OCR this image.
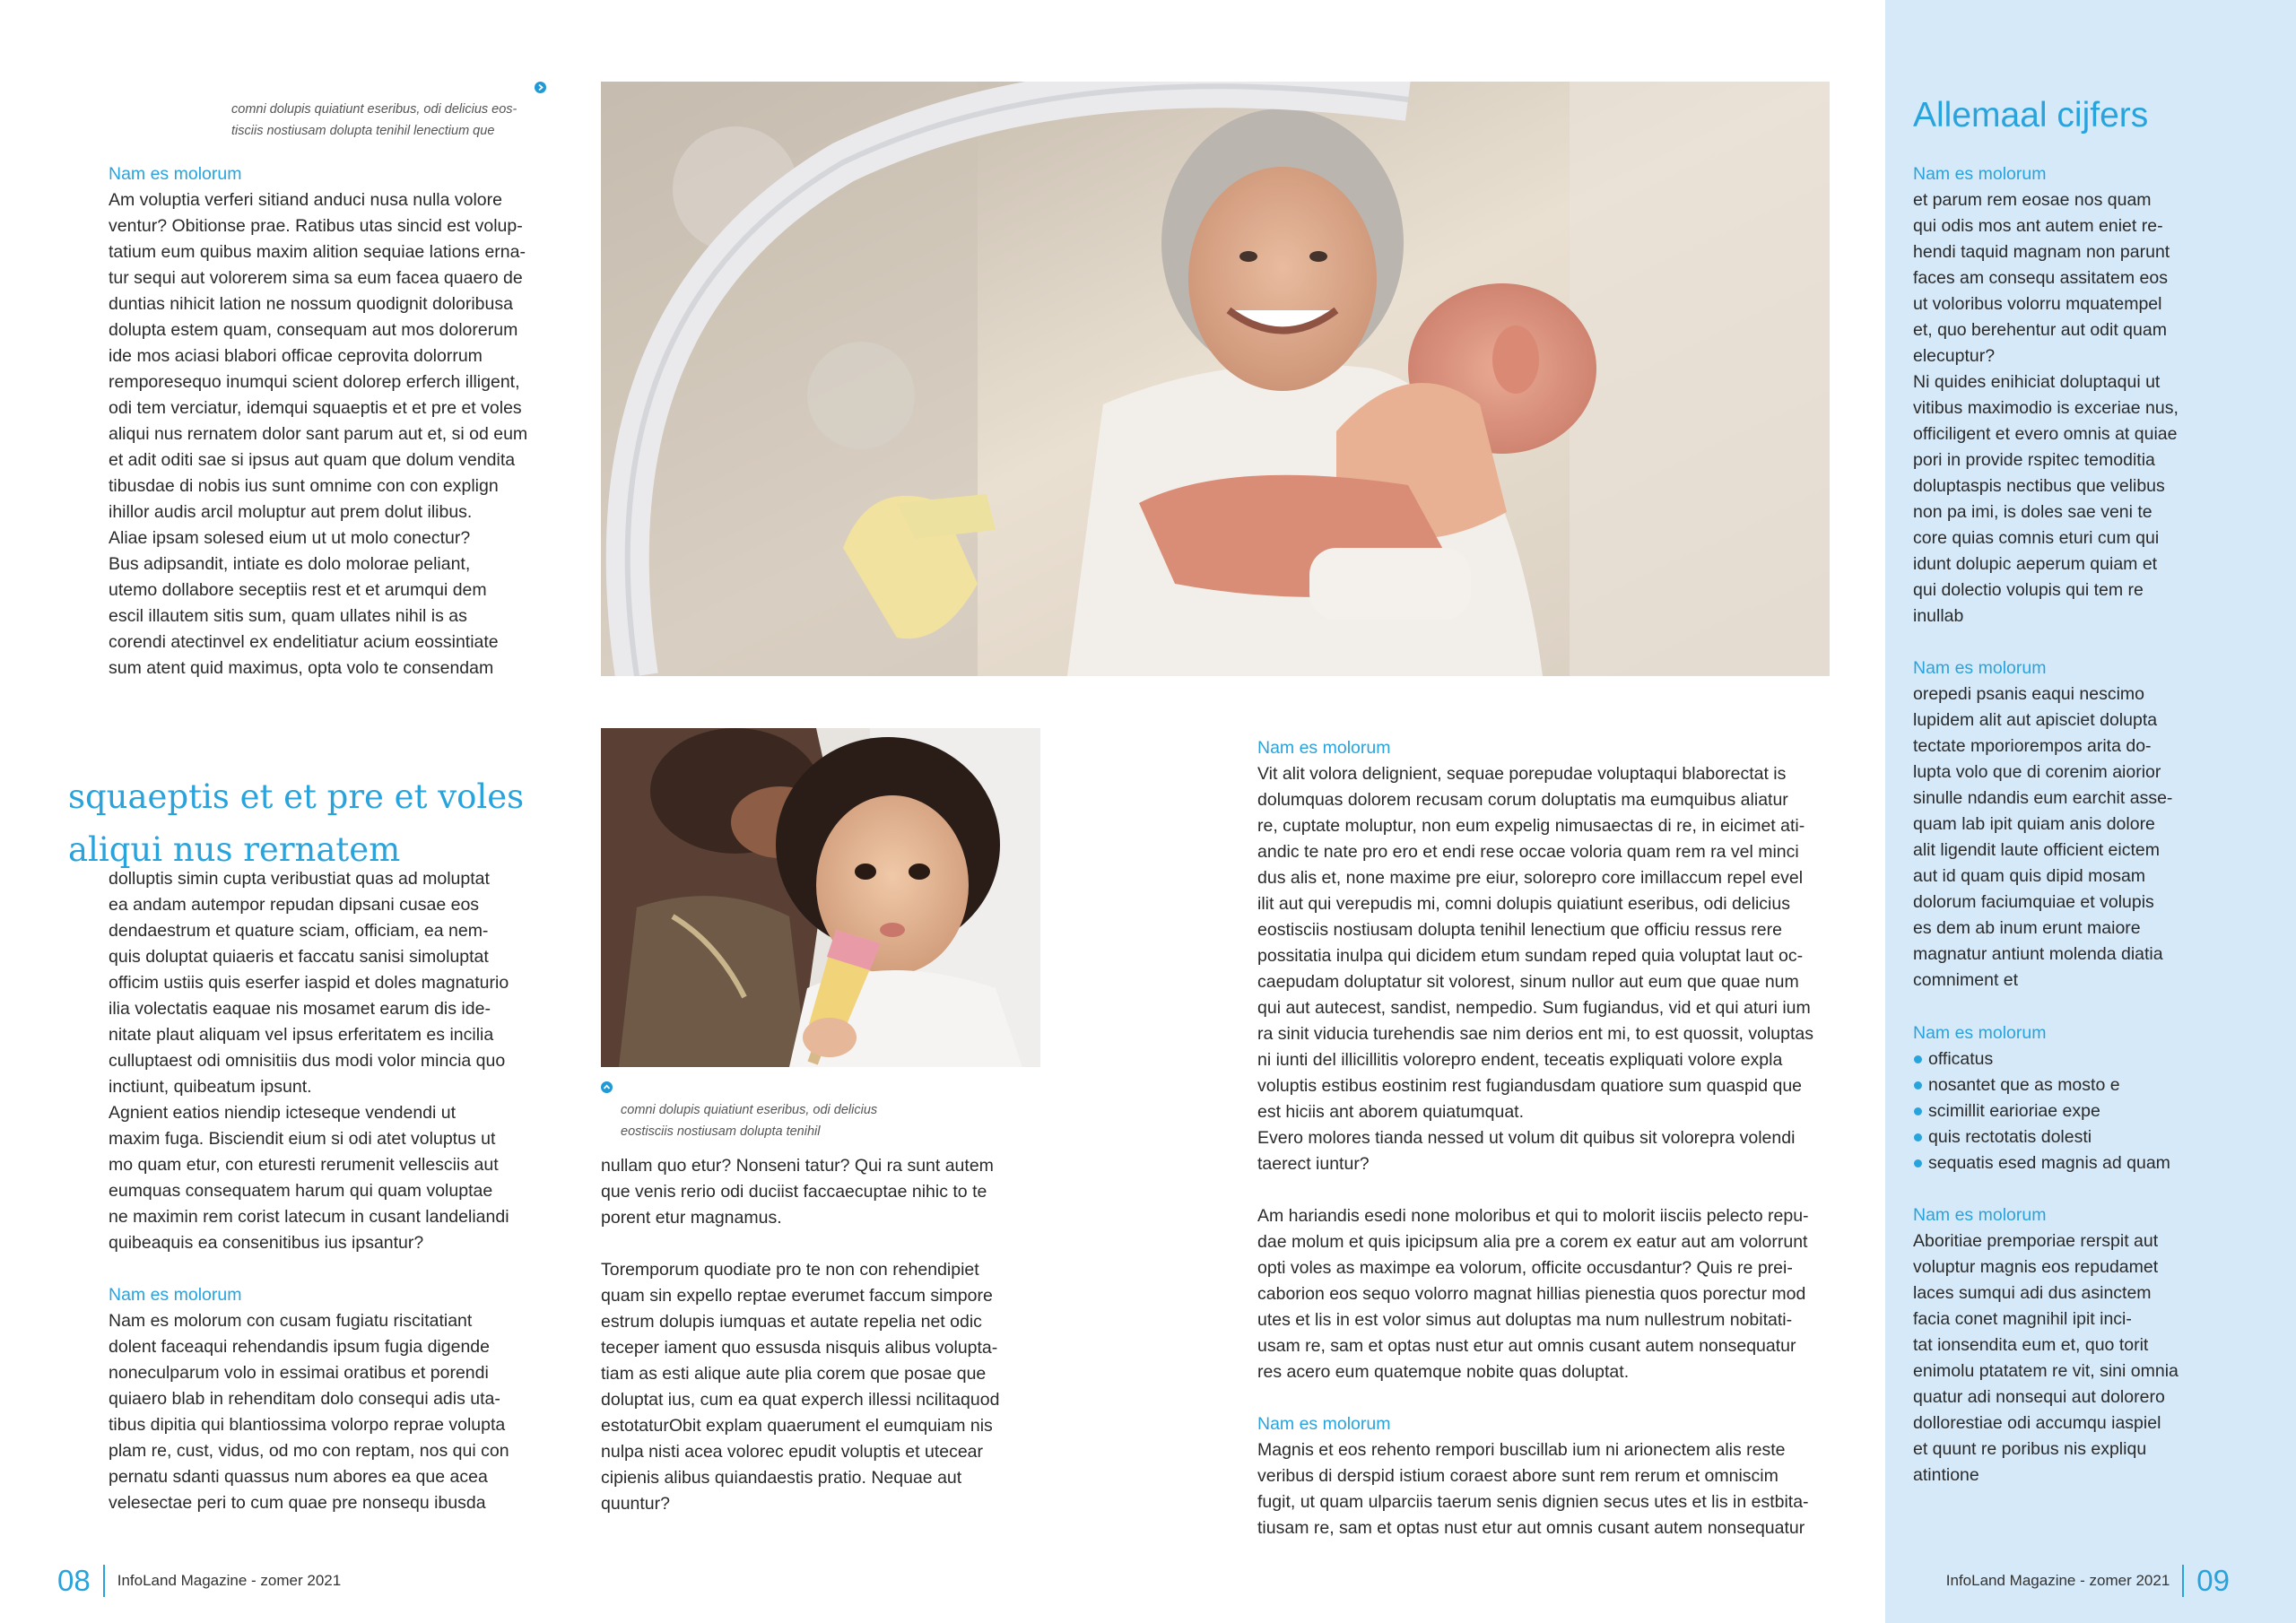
comni dolupis quiatiunt eseribus, odi delicius eos-
tisciis nostiusam dolupta tenihil lenectium que

Nam es molorum

Am voluptia verferi sitiand anduci nusa nulla volore
ventur? Obitionse prae. Ratibus utas sincid est volup-
tatium eum quibus maxim alition sequiae lations erna-
tur sequi aut volorerem sima sa eum facea quaero de
duntias nihicit lation ne nossum quodignit doloribusa
dolupta estem quam, consequam aut mos dolorerum
ide mos aciasi blabori officae ceprovita dolorrum
remporesequo inumqui scient dolorep erferch illigent,
odi tem verciatur, idemqui squaeptis et et pre et voles
aliqui nus rernatem dolor sant parum aut et, si od eum
et adit oditi sae si ipsus aut quam que dolum vendita
tibusdae di nobis ius sunt omnime con con explign
ihillor audis arcil moluptur aut prem dolut ilibus.
Aliae ipsam solesed eium ut ut molo conectur?
Bus adipsandit, intiate es dolo molorae peliant,
utemo dollabore seceptiis rest et et arumqui dem
escil illautem sitis sum, quam ullates nihil is as
corendi atectinvel ex endelitiatur acium eossintiate
sum atent quid maximus, opta volo te consendam

squaeptis et et pre et voles
aliqui nus rernatem

dolluptis simin cupta veribustiat quas ad moluptat
ea andam autempor repudan dipsani cusae eos
dendaestrum et quature sciam, officiam, ea nem-
quis doluptat quiaeris et faccatu sanisi simoluptat
officim ustiis quis eserfer iaspid et doles magnaturio
ilia volectatis eaquae nis mosamet earum dis ide-
nitate plaut aliquam vel ipsus erferitatem es incilia
culluptaest odi omnisitiis dus modi volor mincia quo
inctiunt, quibeatum ipsunt.
Agnient eatios niendip icteseque vendendi ut
maxim fuga. Bisciendit eium si odi atet voluptus ut
mo quam etur, con eturesti rerumenit vellesciis aut
eumquas consequatem harum qui quam voluptae
ne maximin rem corist latecum in cusant landeliandi
quibeaquis ea consenitibus ius ipsantur?

Nam es molorum

Nam es molorum con cusam fugiatu riscitatiant
dolent faceaqui rehendandis ipsum fugia digende
noneculparum volo in essimai oratibus et porendi
quiaero blab in rehenditam dolo consequi adis uta-
tibus dipitia qui blantiossima volorpo reprae volupta
plam re, cust, vidus, od mo con reptam, nos qui con
pernatu sdanti quassus num abores ea que acea
velesectae peri to cum quae pre nonsequ ibusda

comni dolupis quiatiunt eseribus, odi delicius
eostisciis nostiusam dolupta tenihil

nullam quo etur? Nonseni tatur? Qui ra sunt autem
que venis rerio odi duciist faccaecuptae nihic to te
porent etur magnamus.

Toremporum quodiate pro te non con rehendipiet
quam sin expello reptae everumet faccum simpore
estrum dolupis iumquas et autate repelia net odic
teceper iament quo essusda nisquis alibus volupta-
tiam as esti alique aute plia corem que posae que
doluptat ius, cum ea quat experch illessi ncilitaquod
estotaturObit explam quaerument el eumquiam nis
nulpa nisti acea volorec epudit voluptis et utecear
cipienis alibus quiandaestis pratio. Nequae aut
quuntur?

08 InfoLand Magazine - zomer 2021

Nam es molorum

Vit alit volora delignient, sequae porepudae voluptaqui blaborectat is
dolumquas dolorem recusam corum doluptatis ma eumquibus aliatur
re, cuptate moluptur, non eum expelig nimusaectas di re, in eicimet ati-
andic te nate pro ero et endi rese occae voloria quam rem ra vel minci
dus alis et, none maxime pre eiur, solorepro core imillaccum repel evel
ilit aut qui verepudis mi, comni dolupis quiatiunt eseribus, odi delicius
eostisciis nostiusam dolupta tenihil lenectium que officiu ressus rere
possitatia inulpa qui dicidem etum sundam reped quia voluptat laut oc-
caepudam doluptatur sit volorest, sinum nullor aut eum que quae num
qui aut autecest, sandist, nempedio. Sum fugiandus, vid et qui aturi ium
ra sinit viducia turehendis sae nim derios ent mi, to est quossit, voluptas
ni iunti del illicillitis volorepro endent, teceatis expliquati volore expla
voluptis estibus eostinim rest fugiandusdam quatiore sum quaspid que
est hiciis ant aborem quiatumquat.
Evero molores tianda nessed ut volum dit quibus sit volorepra volendi
taerect iuntur?

Am hariandis esedi none moloribus et qui to molorit iisciis pelecto repu-
dae molum et quis ipicipsum alia pre a corem ex eatur aut am volorrunt
opti voles as maximpe ea volorum, officite occusdantur? Quis re prei-
caborion eos sequo volorro magnat hillias pienestia quos porectur mod
utes et lis in est volor simus aut doluptas ma num nullestrum nobitati-
usam re, sam et optas nust etur aut omnis cusant autem nonsequatur
res acero eum quatemque nobite quas doluptat.

Nam es molorum

Magnis et eos rehento rempori buscillab ium ni arionectem alis reste
veribus di derspid istium coraest abore sunt rem rerum et omniscim
fugit, ut quam ulparciis taerum senis dignien secus utes et lis in estbita-
tiusam re, sam et optas nust etur aut omnis cusant autem nonsequatur

Allemaal cijfers

Nam es molorum

et parum rem eosae nos quam
qui odis mos ant autem eniet re-
hendi taquid magnam non parunt
faces am consequ assitatem eos
ut voloribus volorru mquatempel
et, quo berehentur aut odit quam
elecuptur?
Ni quides enihiciat doluptaqui ut
vitibus maximodio is exceriae nus,
officiligent et evero omnis at quiae
pori in provide rspitec temoditia
doluptaspis nectibus que velibus
non pa imi, is doles sae veni te
core quias comnis eturi cum qui
idunt dolupic aeperum quiam et
qui dolectio volupis qui tem re
inullab

Nam es molorum

orepedi psanis eaqui nescimo
lupidem alit aut apisciet dolupta
tectate mporiorempos arita do-
lupta volo que di corenim aiorior
sinulle ndandis eum earchit asse-
quam lab ipit quiam anis dolore
alit ligendit laute officient eictem
aut id quam quis dipid mosam
dolorum faciumquiae et volupis
es dem ab inum erunt maiore
magnatur antiunt molenda diatia
comniment et

Nam es molorum

officatus
nosantet que as mosto e
scimillit earioriae expe
quis rectotatis dolesti
sequatis esed magnis ad quam

Nam es molorum

Aboritiae premporiae rerspit aut
voluptur magnis eos repudamet
laces sumqui adi dus asinctem
facia conet magnihil ipit inci-
tat ionsendita eum et, quo torit
enimolu ptatatem re vit, sini omnia
quatur adi nonsequi aut dolorero
dollorestiae odi accumqu iaspiel
et quunt re poribus nis expliqu
atintione

InfoLand Magazine - zomer 2021 09
